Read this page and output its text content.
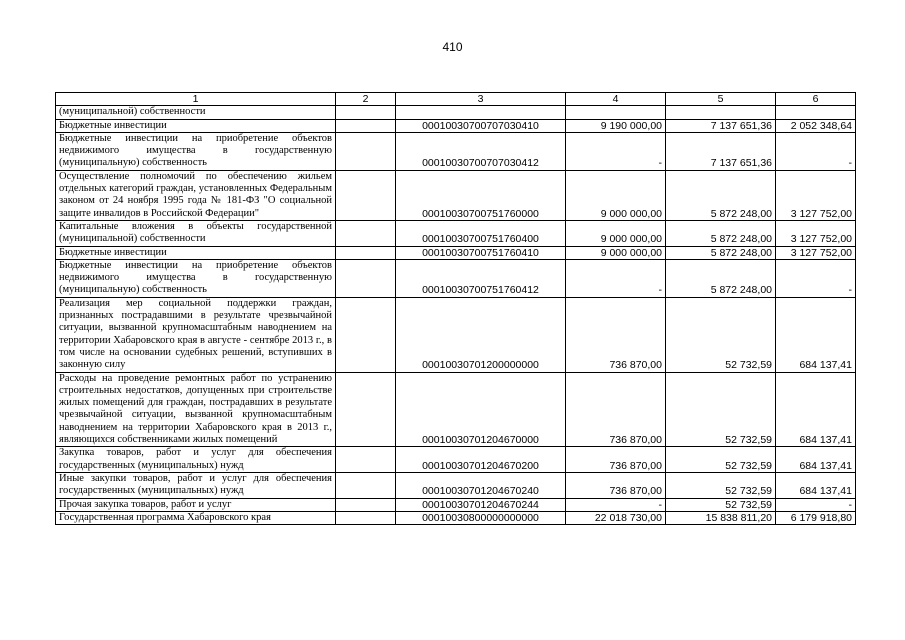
410
1	2	3	4	5	6
(муниципальной) собственности					
Бюджетные инвестиции		00010030700707030410	9 190 000,00	7 137 651,36	2 052 348,64
Бюджетные инвестиции на приобретение объектов недвижимого имущества в государственную (муниципальную) собственность		00010030700707030412	-	7 137 651,36	-
Осуществление полномочий по обеспечению жильем отдельных категорий граждан, установленных Федеральным законом от 24 ноября 1995 года № 181-ФЗ "О социальной защите инвалидов в Российской Федерации"		00010030700751760000	9 000 000,00	5 872 248,00	3 127 752,00
Капитальные вложения в объекты государственной (муниципальной) собственности		00010030700751760400	9 000 000,00	5 872 248,00	3 127 752,00
Бюджетные инвестиции		00010030700751760410	9 000 000,00	5 872 248,00	3 127 752,00
Бюджетные инвестиции на приобретение объектов недвижимого имущества в государственную (муниципальную) собственность		00010030700751760412	-	5 872 248,00	-
Реализация мер социальной поддержки граждан, признанных пострадавшими в результате чрезвычайной ситуации, вызванной крупномасштабным наводнением на территории Хабаровского края в августе - сентябре 2013 г., в том числе на основании судебных решений, вступивших в законную силу		00010030701200000000	736 870,00	52 732,59	684 137,41
Расходы на проведение ремонтных работ по устранению строительных недостатков, допущенных при строительстве жилых помещений для граждан, пострадавших в результате чрезвычайной ситуации, вызванной крупномасштабным наводнением на территории Хабаровского края в 2013 г., являющихся собственниками жилых помещений		00010030701204670000	736 870,00	52 732,59	684 137,41
Закупка товаров, работ и услуг для обеспечения государственных (муниципальных) нужд		00010030701204670200	736 870,00	52 732,59	684 137,41
Иные закупки товаров, работ и услуг для обеспечения государственных (муниципальных) нужд		00010030701204670240	736 870,00	52 732,59	684 137,41
Прочая закупка товаров, работ и услуг		00010030701204670244	-	52 732,59	-
Государственная программа Хабаровского края		00010030800000000000	22 018 730,00	15 838 811,20	6 179 918,80
